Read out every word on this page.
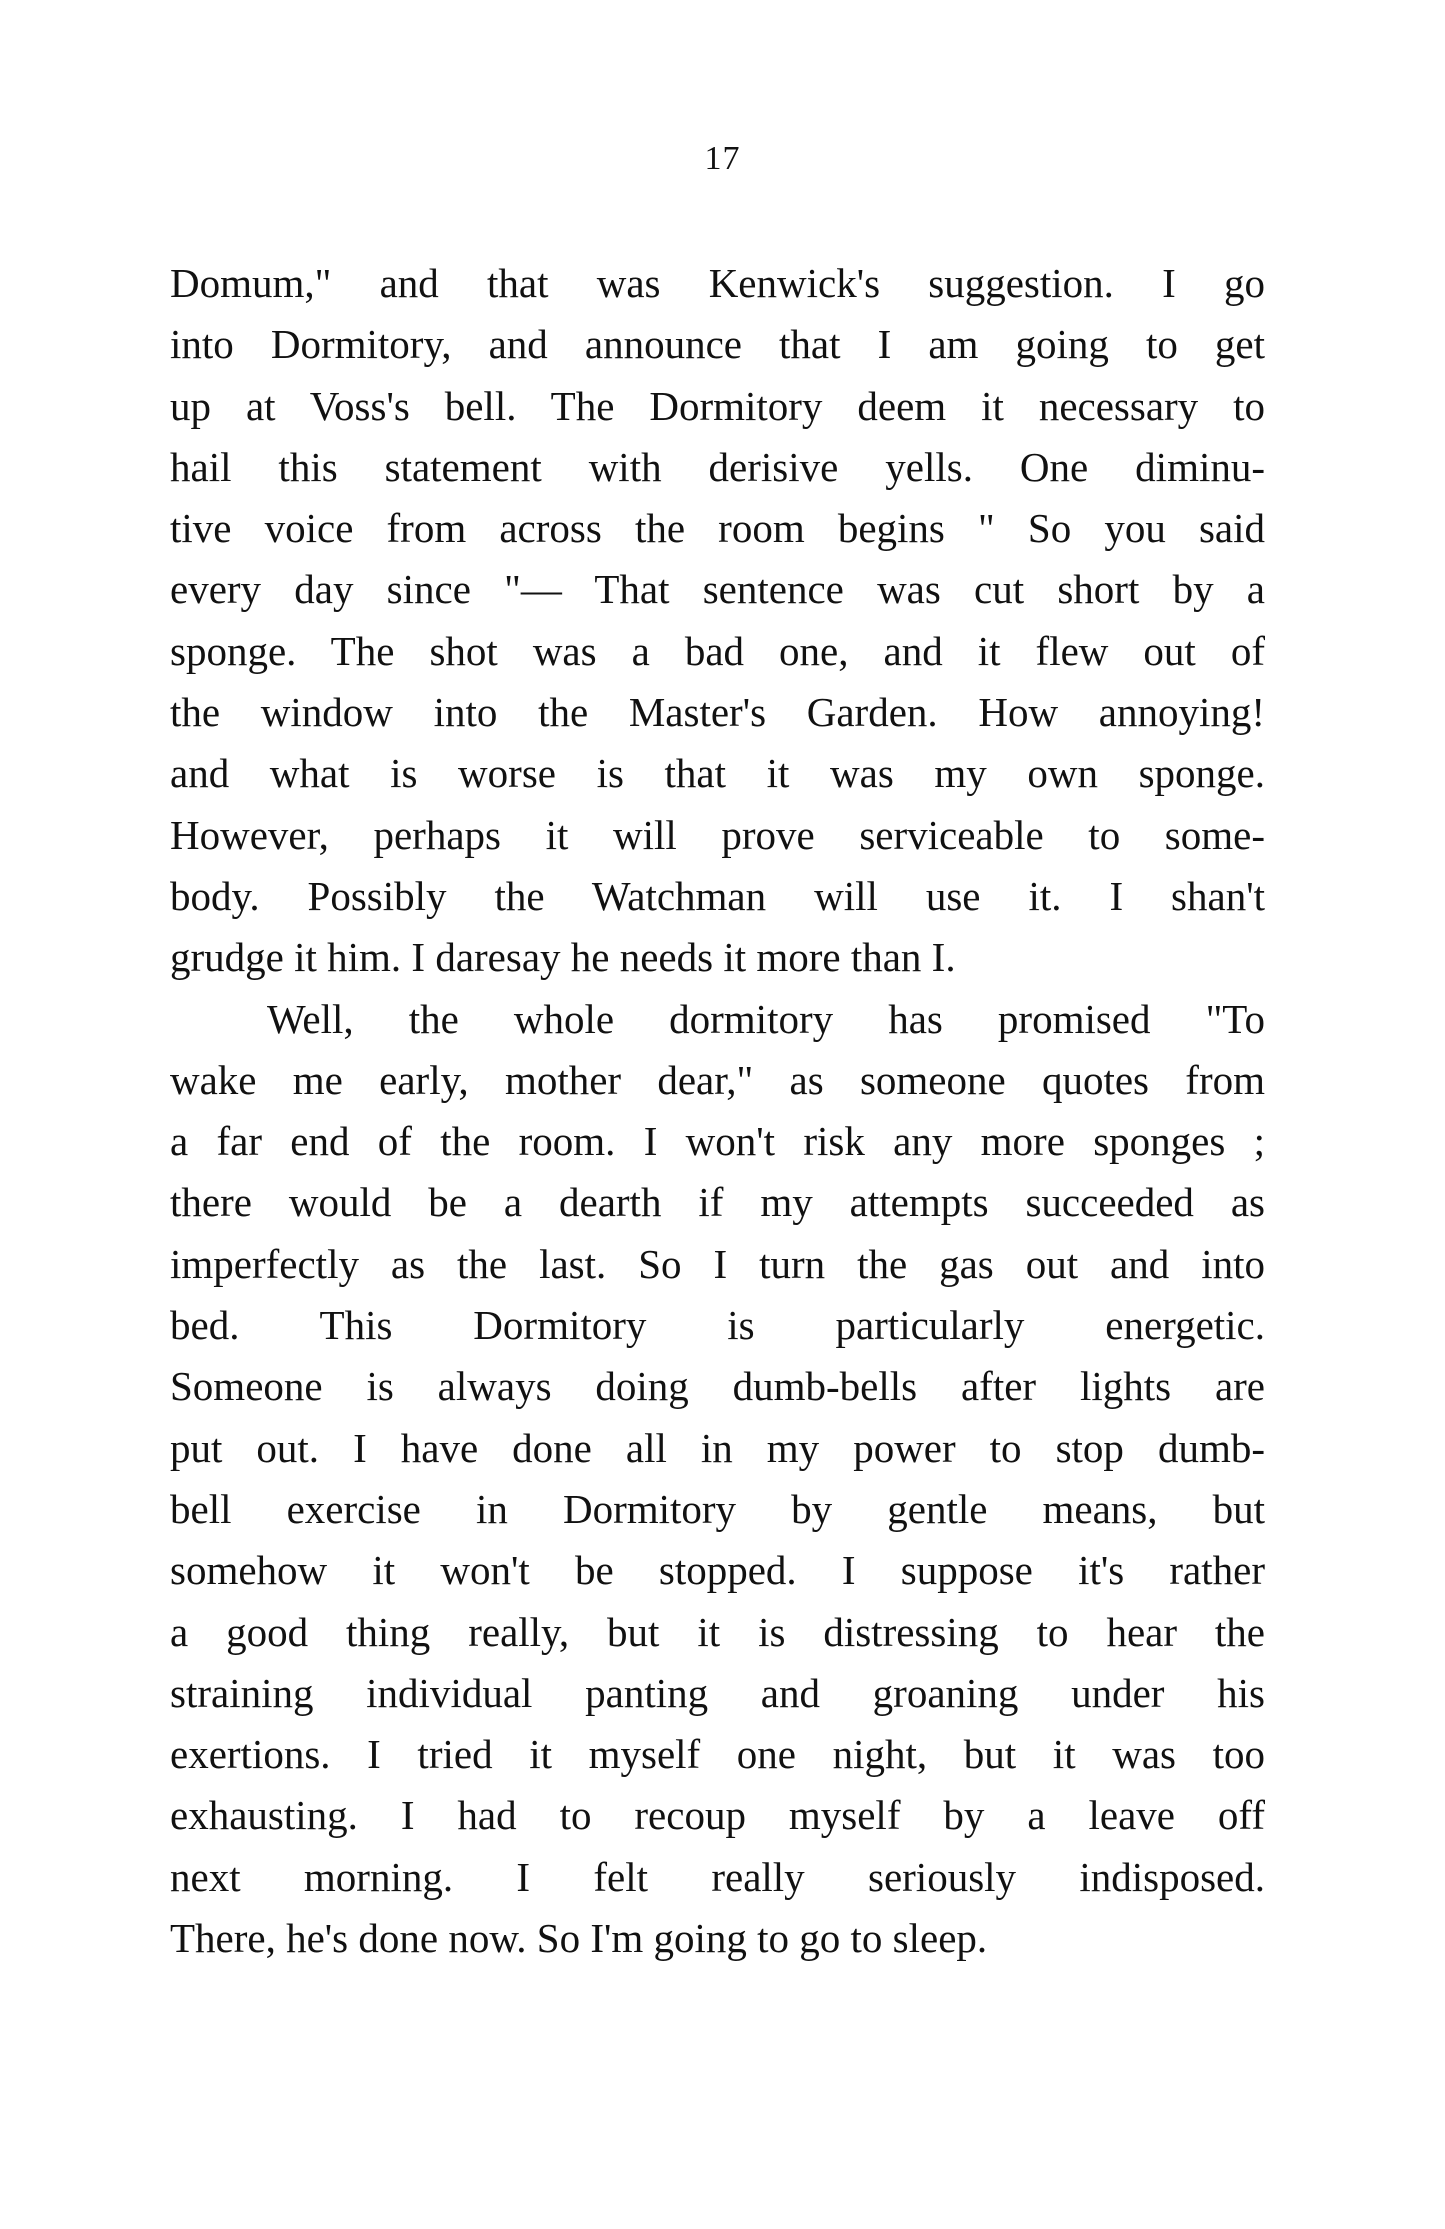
17
Domum," and that was Kenwick's suggestion. I go
into Dormitory, and announce that I am going to get
up at Voss's bell. The Dormitory deem it necessary to
hail this statement with derisive yells. One diminu-
tive voice from across the room begins " So you said
every day since "— That sentence was cut short by a
sponge. The shot was a bad one, and it flew out of
the window into the Master's Garden. How annoying!
and what is worse is that it was my own sponge.
However, perhaps it will prove serviceable to some-
body. Possibly the Watchman will use it. I shan't
grudge it him. I daresay he needs it more than I.
Well, the whole dormitory has promised "To
wake me early, mother dear," as someone quotes from
a far end of the room. I won't risk any more sponges ;
there would be a dearth if my attempts succeeded as
imperfectly as the last. So I turn the gas out and into
bed. This Dormitory is particularly energetic.
Someone is always doing dumb-bells after lights are
put out. I have done all in my power to stop dumb-
bell exercise in Dormitory by gentle means, but
somehow it won't be stopped. I suppose it's rather
a good thing really, but it is distressing to hear the
straining individual panting and groaning under his
exertions. I tried it myself one night, but it was too
exhausting. I had to recoup myself by a leave off
next morning. I felt really seriously indisposed.
There, he's done now. So I'm going to go to sleep.
